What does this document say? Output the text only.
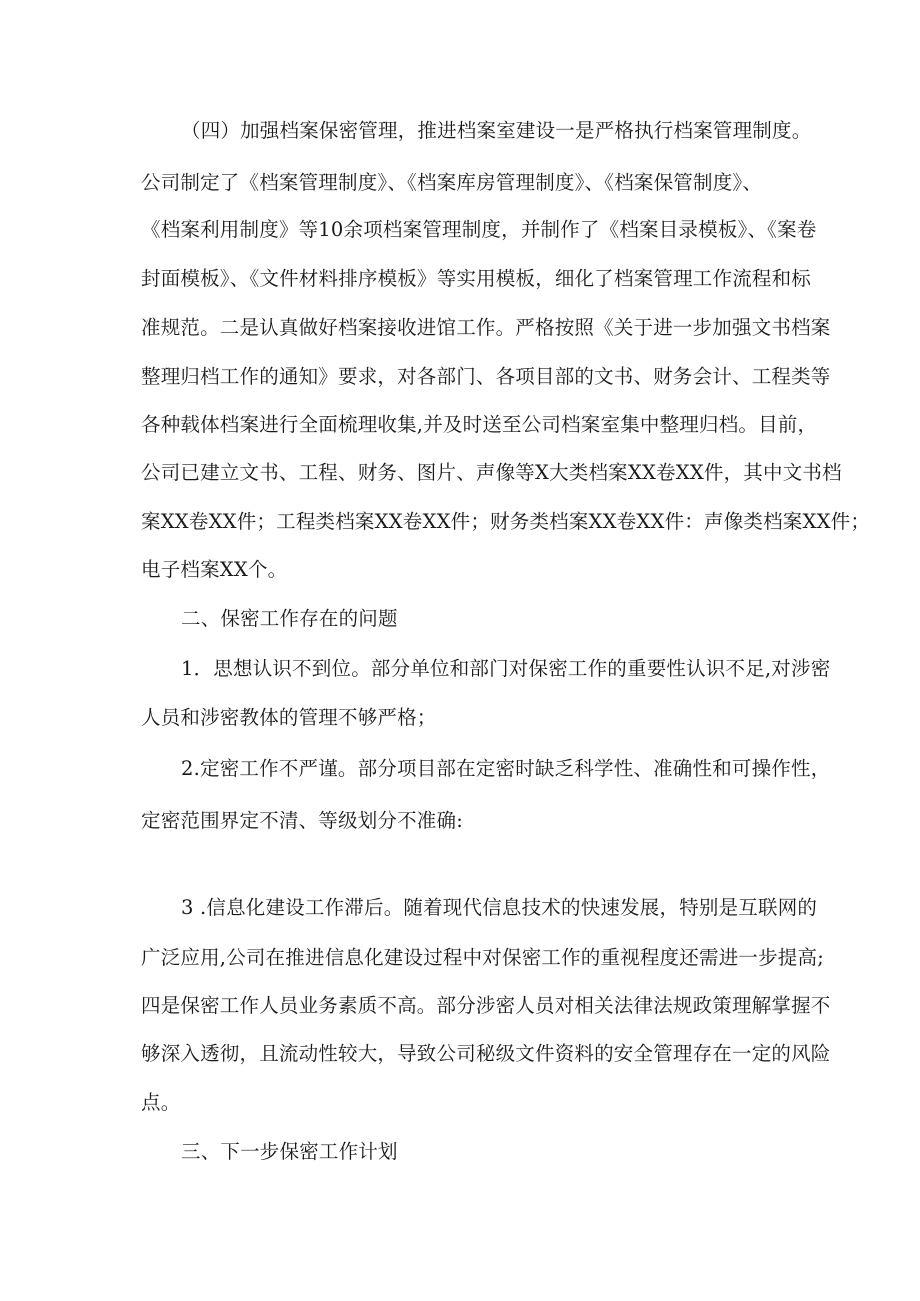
（四）加强档案保密管理，推进档案室建设一是严格执行档案管理制度。
公司制定了《档案管理制度》、《档案库房管理制度》、《档案保管制度》、
《档案利用制度》等10余项档案管理制度，并制作了《档案目录模板》、《案卷
封面模板》、《文件材料排序模板》等实用模板，细化了档案管理工作流程和标
准规范。二是认真做好档案接收进馆工作。严格按照《关于进一步加强文书档案
整理归档工作的通知》要求，对各部门、各项目部的文书、财务会计、工程类等
各种载体档案进行全面梳理收集,并及时送至公司档案室集中整理归档。目前，
公司已建立文书、工程、财务、图片、声像等X大类档案XX卷XX件，其中文书档
案XX卷XX件；工程类档案XX卷XX件；财务类档案XX卷XX件：声像类档案XX件；
电子档案XX个。
二、保密工作存在的问题
1．思想认识不到位。部分单位和部门对保密工作的重要性认识不足,对涉密
人员和涉密教体的管理不够严格；
2.定密工作不严谨。部分项目部在定密时缺乏科学性、准确性和可操作性，
定密范围界定不清、等级划分不准确:
3 .信息化建设工作滞后。随着现代信息技术的快速发展，特别是互联网的
广泛应用,公司在推进信息化建设过程中对保密工作的重视程度还需进一步提高;
四是保密工作人员业务素质不高。部分涉密人员对相关法律法规政策理解掌握不
够深入透彻，且流动性较大，导致公司秘级文件资料的安全管理存在一定的风险
点。
三、下一步保密工作计划
